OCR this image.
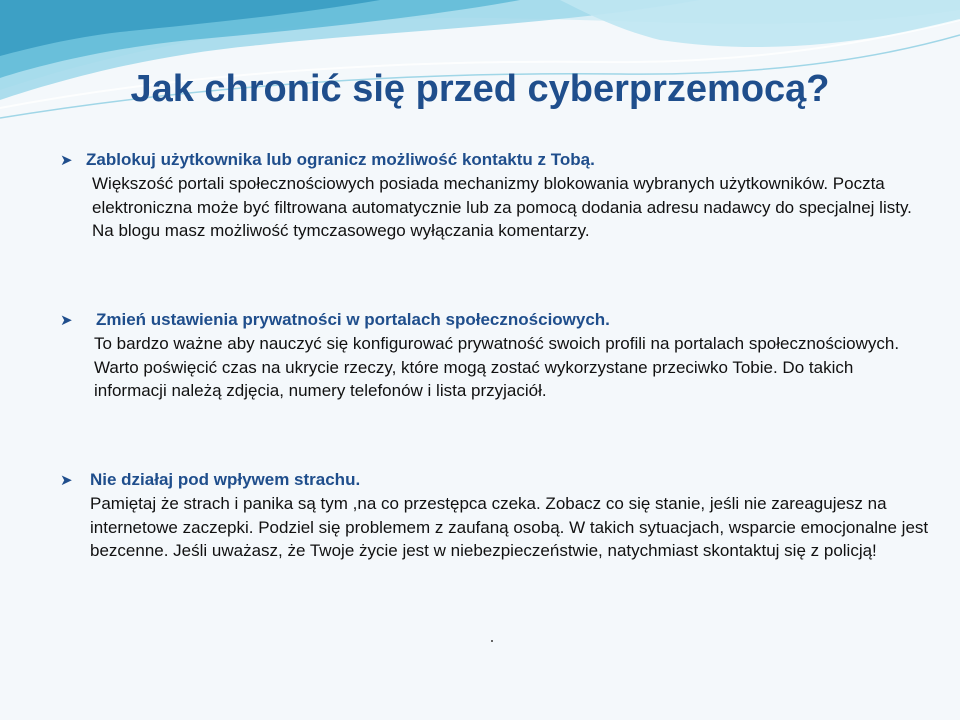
Jak chronić się przed cyberprzemocą?
➤ Zablokuj użytkownika lub ogranicz możliwość kontaktu z Tobą.

Większość portali społecznościowych posiada mechanizmy blokowania wybranych użytkowników. Poczta elektroniczna może być filtrowana automatycznie lub za pomocą dodania adresu nadawcy do specjalnej listy. Na blogu masz możliwość tymczasowego wyłączania komentarzy.

➤	Zmień ustawienia prywatności w portalach społecznościowych.

To bardzo ważne aby nauczyć się konfigurować prywatność swoich profili na portalach społecznościowych. Warto poświęcić czas na ukrycie rzeczy, które mogą zostać wykorzystane przeciwko Tobie. Do takich informacji należą zdjęcia, numery telefonów i lista przyjaciół.

➤	Nie działaj pod wpływem strachu.

Pamiętaj że strach i panika są tym ,na co przestępca czeka. Zobacz co się stanie, jeśli nie zareagujesz na internetowe zaczepki. Podziel się problemem z zaufaną osobą. W takich sytuacjach, wsparcie emocjonalne jest bezcenne. Jeśli uważasz, że Twoje życie jest w niebezpieczeństwie, natychmiast skontaktuj się z policją!
